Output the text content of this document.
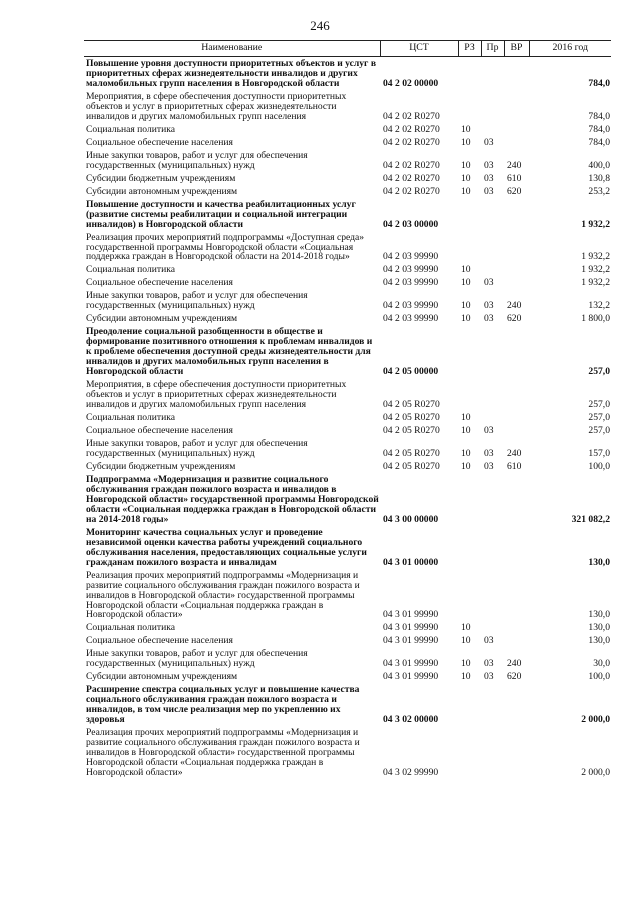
246
Наименование	ЦСТ	РЗ	Пр	ВР	2016 год
Повышение уровня доступности приоритетных объектов и услуг в приоритетных сферах жизнедеятельности инвалидов и других маломобильных групп населения в Новгородской области	04 2 02 00000				784,0
Мероприятия, в сфере обеспечения доступности приоритетных объектов и услуг в приоритетных сферах жизнедеятельности инвалидов и других маломобильных групп населения	04 2 02 R0270				784,0
Социальная политика	04 2 02 R0270	10			784,0
Социальное обеспечение населения	04 2 02 R0270	10	03		784,0
Иные закупки товаров, работ и услуг для обеспечения государственных (муниципальных) нужд	04 2 02 R0270	10	03	240	400,0
Субсидии бюджетным учреждениям	04 2 02 R0270	10	03	610	130,8
Субсидии автономным учреждениям	04 2 02 R0270	10	03	620	253,2
Повышение доступности и качества реабилитационных услуг (развитие системы реабилитации и социальной интеграции инвалидов) в Новгородской области	04 2 03 00000				1 932,2
Реализация прочих мероприятий подпрограммы «Доступная среда» государственной программы Новгородской области «Социальная поддержка граждан в Новгородской области на 2014-2018 годы»	04 2 03 99990				1 932,2
Социальная политика	04 2 03 99990	10			1 932,2
Социальное обеспечение населения	04 2 03 99990	10	03		1 932,2
Иные закупки товаров, работ и услуг для обеспечения государственных (муниципальных) нужд	04 2 03 99990	10	03	240	132,2
Субсидии автономным учреждениям	04 2 03 99990	10	03	620	1 800,0
Преодоление социальной разобщенности в обществе и формирование позитивного отношения к проблемам инвалидов и к проблеме обеспечения доступной среды жизнедеятельности для инвалидов и других маломобильных групп населения в Новгородской области	04 2 05 00000				257,0
Мероприятия, в сфере обеспечения доступности приоритетных объектов и услуг в приоритетных сферах жизнедеятельности инвалидов и других маломобильных групп населения	04 2 05 R0270				257,0
Социальная политика	04 2 05 R0270	10			257,0
Социальное обеспечение населения	04 2 05 R0270	10	03		257,0
Иные закупки товаров, работ и услуг для обеспечения государственных (муниципальных) нужд	04 2 05 R0270	10	03	240	157,0
Субсидии бюджетным учреждениям	04 2 05 R0270	10	03	610	100,0
Подпрограмма «Модернизация и развитие социального обслуживания граждан пожилого возраста и инвалидов в Новгородской области» государственной программы Новгородской области «Социальная поддержка граждан в Новгородской области на 2014-2018 годы»	04 3 00 00000				321 082,2
Мониторинг качества социальных услуг и проведение независимой оценки качества работы учреждений социального обслуживания населения, предоставляющих социальные услуги гражданам пожилого возраста и инвалидам	04 3 01 00000				130,0
Реализация прочих мероприятий подпрограммы «Модернизация и развитие социального обслуживания граждан пожилого возраста и инвалидов в Новгородской области» государственной программы Новгородской области «Социальная поддержка граждан в Новгородской области»	04 3 01 99990				130,0
Социальная политика	04 3 01 99990	10			130,0
Социальное обеспечение населения	04 3 01 99990	10	03		130,0
Иные закупки товаров, работ и услуг для обеспечения государственных (муниципальных) нужд	04 3 01 99990	10	03	240	30,0
Субсидии автономным учреждениям	04 3 01 99990	10	03	620	100,0
Расширение спектра социальных услуг и повышение качества социального обслуживания граждан пожилого возраста и инвалидов, в том числе реализация мер по укреплению их здоровья	04 3 02 00000				2 000,0
Реализация прочих мероприятий подпрограммы «Модернизация и развитие социального обслуживания граждан пожилого возраста и инвалидов в Новгородской области» государственной программы Новгородской области «Социальная поддержка граждан в Новгородской области»	04 3 02 99990				2 000,0
